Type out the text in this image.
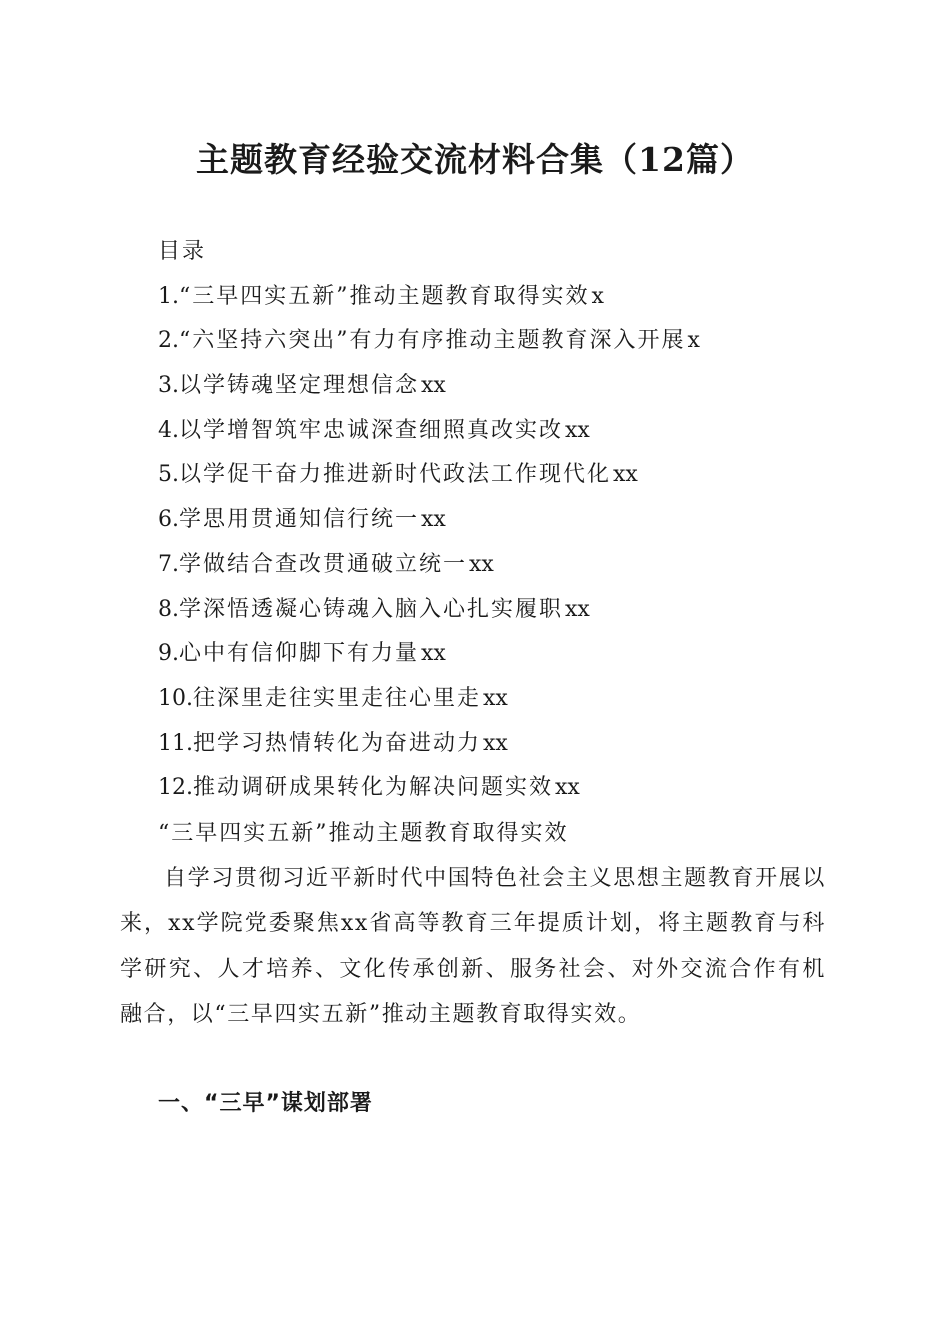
主题教育经验交流材料合集（12篇）
目录
1.“三早四实五新”推动主题教育取得实效x
2.“六坚持六突出”有力有序推动主题教育深入开展x
3.以学铸魂坚定理想信念xx
4.以学增智筑牢忠诚深查细照真改实改xx
5.以学促干奋力推进新时代政法工作现代化xx
6.学思用贯通知信行统一xx
7.学做结合查改贯通破立统一xx
8.学深悟透凝心铸魂入脑入心扎实履职xx
9.心中有信仰脚下有力量xx
10.往深里走往实里走往心里走xx
11.把学习热情转化为奋进动力xx
12.推动调研成果转化为解决问题实效xx
“三早四实五新”推动主题教育取得实效

自学习贯彻习近平新时代中国特色社会主义思想主题教育开展以来，xx学院党委聚焦xx省高等教育三年提质计划，将主题教育与科学研究、人才培养、文化传承创新、服务社会、对外交流合作有机融合，以“三早四实五新”推动主题教育取得实效。

一、“三早”谋划部署
